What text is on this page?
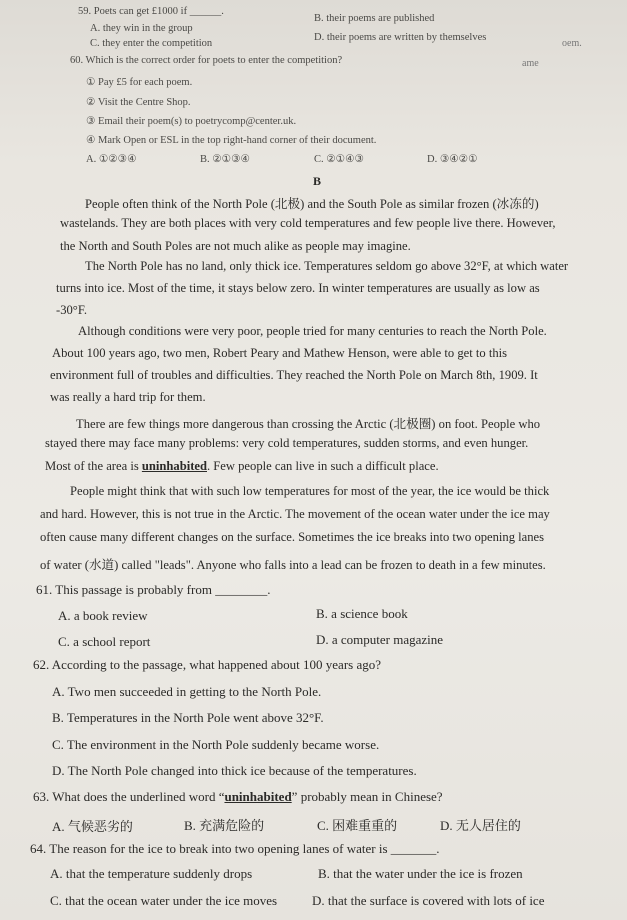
59. Poets can get £1000 if ______.
A. they win in the group
B. their poems are published
C. they enter the competition
D. their poems are written by themselves
oem.
60. Which is the correct order for poets to enter the competition?	ame
① Pay £5 for each poem.
② Visit the Centre Shop.
③ Email their poem(s) to poetrycomp@center.uk.
④ Mark Open or ESL in the top right-hand corner of their document.
A. ①②③④	B. ②①③④	C. ②①④③	D. ③④②①
B
People often think of the North Pole (北极) and the South Pole as similar frozen (冰冻的)
wastelands. They are both places with very cold temperatures and few people live there. However,
the North and South Poles are not much alike as people may imagine.
The North Pole has no land, only thick ice. Temperatures seldom go above 32°F, at which water
turns into ice. Most of the time, it stays below zero. In winter temperatures are usually as low as
-30°F.
Although conditions were very poor, people tried for many centuries to reach the North Pole.
About 100 years ago, two men, Robert Peary and Mathew Henson, were able to get to this
environment full of troubles and difficulties. They reached the North Pole on March 8th, 1909. It
was really a hard trip for them.
There are few things more dangerous than crossing the Arctic (北极圈) on foot. People who
stayed there may face many problems: very cold temperatures, sudden storms, and even hunger.
Most of the area is uninhabited. Few people can live in such a difficult place.
People might think that with such low temperatures for most of the year, the ice would be thick
and hard. However, this is not true in the Arctic. The movement of the ocean water under the ice may
often cause many different changes on the surface. Sometimes the ice breaks into two opening lanes
of water (水道) called "leads". Anyone who falls into a lead can be frozen to death in a few minutes.
61. This passage is probably from ________.
A. a book review	B. a science book
C. a school report	D. a computer magazine
62. According to the passage, what happened about 100 years ago?
A. Two men succeeded in getting to the North Pole.
B. Temperatures in the North Pole went above 32°F.
C. The environment in the North Pole suddenly became worse.
D. The North Pole changed into thick ice because of the temperatures.
63. What does the underlined word “uninhabited” probably mean in Chinese?
A. 气候恶劣的	B. 充满危险的	C. 困难重重的	D. 无人居住的
64. The reason for the ice to break into two opening lanes of water is _______.
A. that the temperature suddenly drops	B. that the water under the ice is frozen
C. that the ocean water under the ice moves	D. that the surface is covered with lots of ice
